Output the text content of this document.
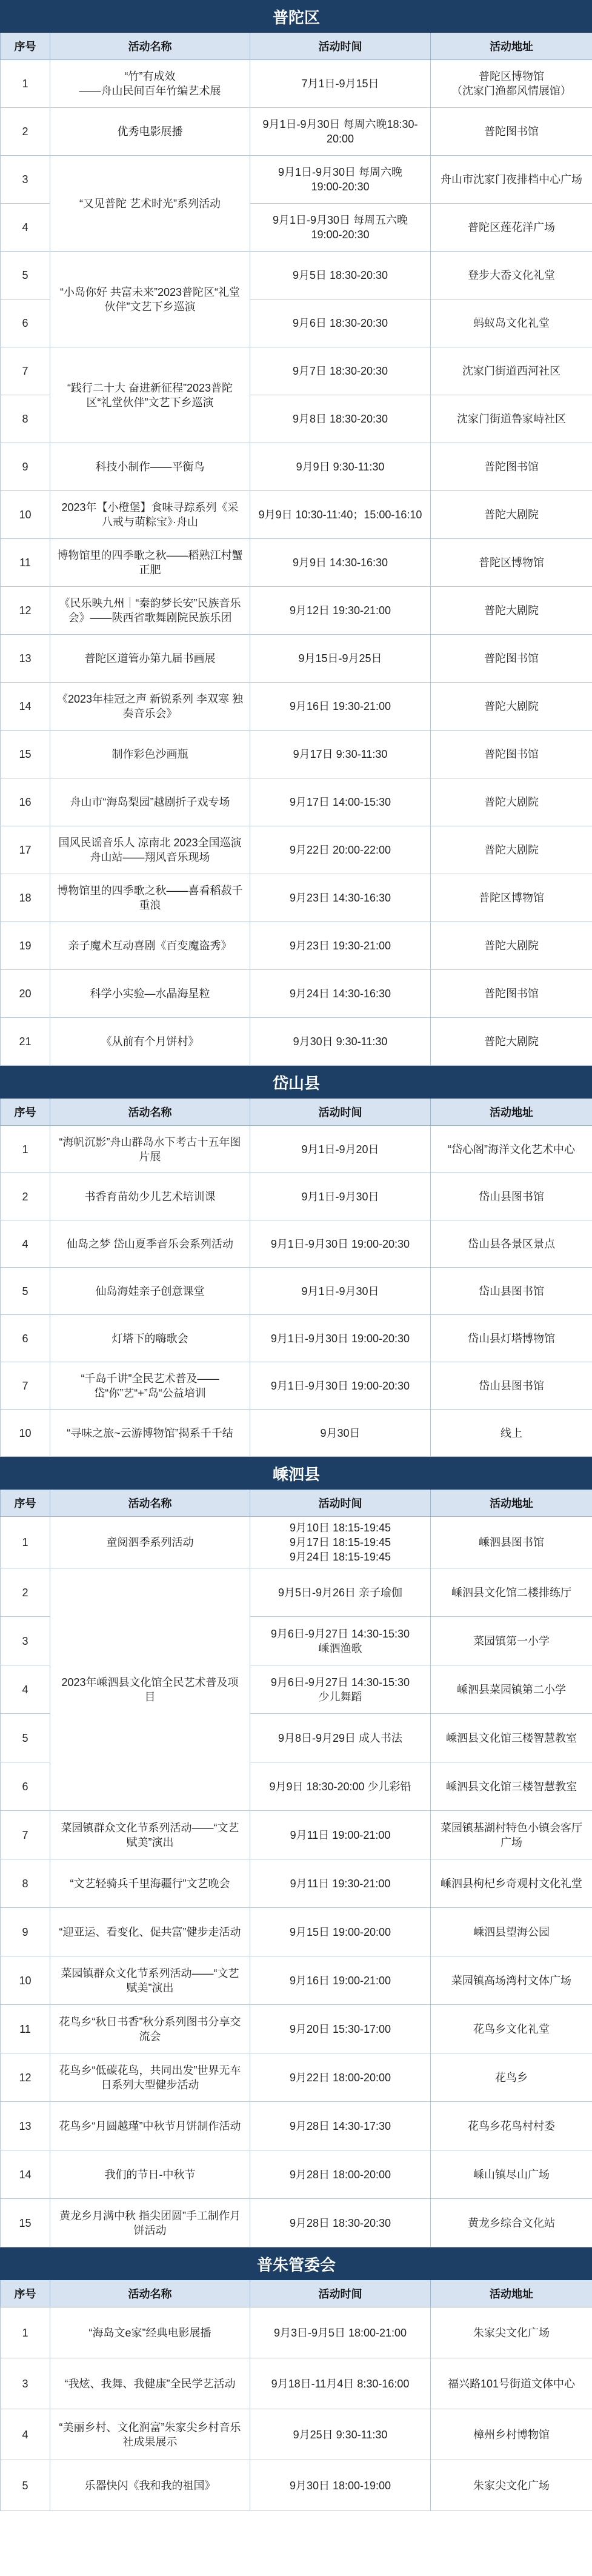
普陀区			
序号	活动名称	活动时间	活动地址
1	“竹”有成效
——舟山民间百年竹编艺术展	7月1日-9月15日	普陀区博物馆
（沈家门渔都风情展馆）
2	优秀电影展播	9月1日-9月30日 每周六晚18:30-20:00	普陀图书馆
3	“又见普陀 艺术时光”系列活动	9月1日-9月30日 每周六晚
19:00-20:30	舟山市沈家门夜排档中心广场
4		9月1日-9月30日 每周五六晚
19:00-20:30	普陀区莲花洋广场
5	“小岛你好 共富未来”2023普陀区“礼堂伙伴”文艺下乡巡演	9月5日 18:30-20:30	登步大岙文化礼堂
6		9月6日 18:30-20:30	蚂蚁岛文化礼堂
7	“践行二十大 奋进新征程”2023普陀区“礼堂伙伴”文艺下乡巡演	9月7日 18:30-20:30	沈家门街道西河社区
8		9月8日 18:30-20:30	沈家门街道鲁家峙社区
9	科技小制作——平衡鸟	9月9日 9:30-11:30	普陀图书馆
10	2023年【小橙堡】食味寻踪系列《采八戒与萌粽宝》·舟山	9月9日 10:30-11:40；15:00-16:10	普陀大剧院
11	博物馆里的四季歌之秋——稻熟江村蟹正肥	9月9日 14:30-16:30	普陀区博物馆
12	《民乐映九州｜“秦韵梦长安”民族音乐会》——陕西省歌舞剧院民族乐团	9月12日 19:30-21:00	普陀大剧院
13	普陀区道管办第九届书画展	9月15日-9月25日	普陀图书馆
14	《2023年桂冠之声 新锐系列 李双寒 独奏音乐会》	9月16日 19:30-21:00	普陀大剧院
15	制作彩色沙画瓶	9月17日 9:30-11:30	普陀图书馆
16	舟山市“海岛梨园”越剧折子戏专场	9月17日 14:00-15:30	普陀大剧院
17	国风民谣音乐人 凉南北 2023全国巡演舟山站——翔风音乐现场	9月22日 20:00-22:00	普陀大剧院
18	博物馆里的四季歌之秋——喜看稻菽千重浪	9月23日 14:30-16:30	普陀区博物馆
19	亲子魔术互动喜剧《百变魔盗秀》	9月23日 19:30-21:00	普陀大剧院
20	科学小实验—水晶海星粒	9月24日 14:30-16:30	普陀图书馆
21	《从前有个月饼村》	9月30日 9:30-11:30	普陀大剧院
岱山县			
序号	活动名称	活动时间	活动地址
1	“海帆沉影”舟山群岛水下考古十五年图片展	9月1日-9月20日	“岱心阁”海洋文化艺术中心
2	书香育苗幼少儿艺术培训课	9月1日-9月30日	岱山县图书馆
4	仙岛之梦 岱山夏季音乐会系列活动	9月1日-9月30日 19:00-20:30	岱山县各景区景点
5	仙岛海娃亲子创意课堂	9月1日-9月30日	岱山县图书馆
6	灯塔下的嗨歌会	9月1日-9月30日 19:00-20:30	岱山县灯塔博物馆
7	“千岛千讲”全民艺术普及——岱“你”艺“+”岛“公益培训	9月1日-9月30日 19:00-20:30	岱山县图书馆
10	“寻味之旅~云游博物馆”揭系千千结	9月30日	线上
嵊泗县			
序号	活动名称	活动时间	活动地址
1	童阅泗季系列活动	9月10日 18:15-19:45
9月17日 18:15-19:45
9月24日 18:15-19:45	嵊泗县图书馆
2	2023年嵊泗县文化馆全民艺术普及项目	9月5日-9月26日 亲子瑜伽	嵊泗县文化馆二楼排练厅
3		9月6日-9月27日 14:30-15:30
嵊泗渔歌	菜园镇第一小学
4		9月6日-9月27日 14:30-15:30
少儿舞蹈	嵊泗县菜园镇第二小学
5		9月8日-9月29日 成人书法	嵊泗县文化馆三楼智慧教室
6		9月9日 18:30-20:00 少儿彩铅	嵊泗县文化馆三楼智慧教室
7	菜园镇群众文化节系列活动——“文艺赋美”演出	9月11日 19:00-21:00	菜园镇基湖村特色小镇会客厅广场
8	“文艺轻骑兵千里海疆行”文艺晚会	9月11日 19:30-21:00	嵊泗县枸杞乡奇观村文化礼堂
9	“迎亚运、看变化、促共富”健步走活动	9月15日 19:00-20:00	嵊泗县望海公园
10	菜园镇群众文化节系列活动——“文艺赋美”演出	9月16日 19:00-21:00	菜园镇高场湾村文体广场
11	花鸟乡“秋日书香”秋分系列图书分享交流会	9月20日 15:30-17:00	花鸟乡文化礼堂
12	花鸟乡“低碳花鸟，共同出发”世界无车日系列大型健步活动	9月22日 18:00-20:00	花鸟乡
13	花鸟乡“月圆越瑾”中秋节月饼制作活动	9月28日 14:30-17:30	花鸟乡花鸟村村委
14	我们的节日-中秋节	9月28日 18:00-20:00	嵊山镇尽山广场
15	黄龙乡月满中秋 指尖团圆”手工制作月饼活动	9月28日 18:30-20:30	黄龙乡综合文化站
普朱管委会			
序号	活动名称	活动时间	活动地址
1	“海岛文e家”经典电影展播	9月3日-9月5日 18:00-21:00	朱家尖文化广场
3	“我炫、我舞、我健康”全民学艺活动	9月18日-11月4日 8:30-16:00	福兴路101号街道文体中心
4	“美丽乡村、文化润富”朱家尖乡村音乐社成果展示	9月25日 9:30-11:30	樟州乡村博物馆
5	乐器快闪《我和我的祖国》	9月30日 18:00-19:00	朱家尖文化广场
